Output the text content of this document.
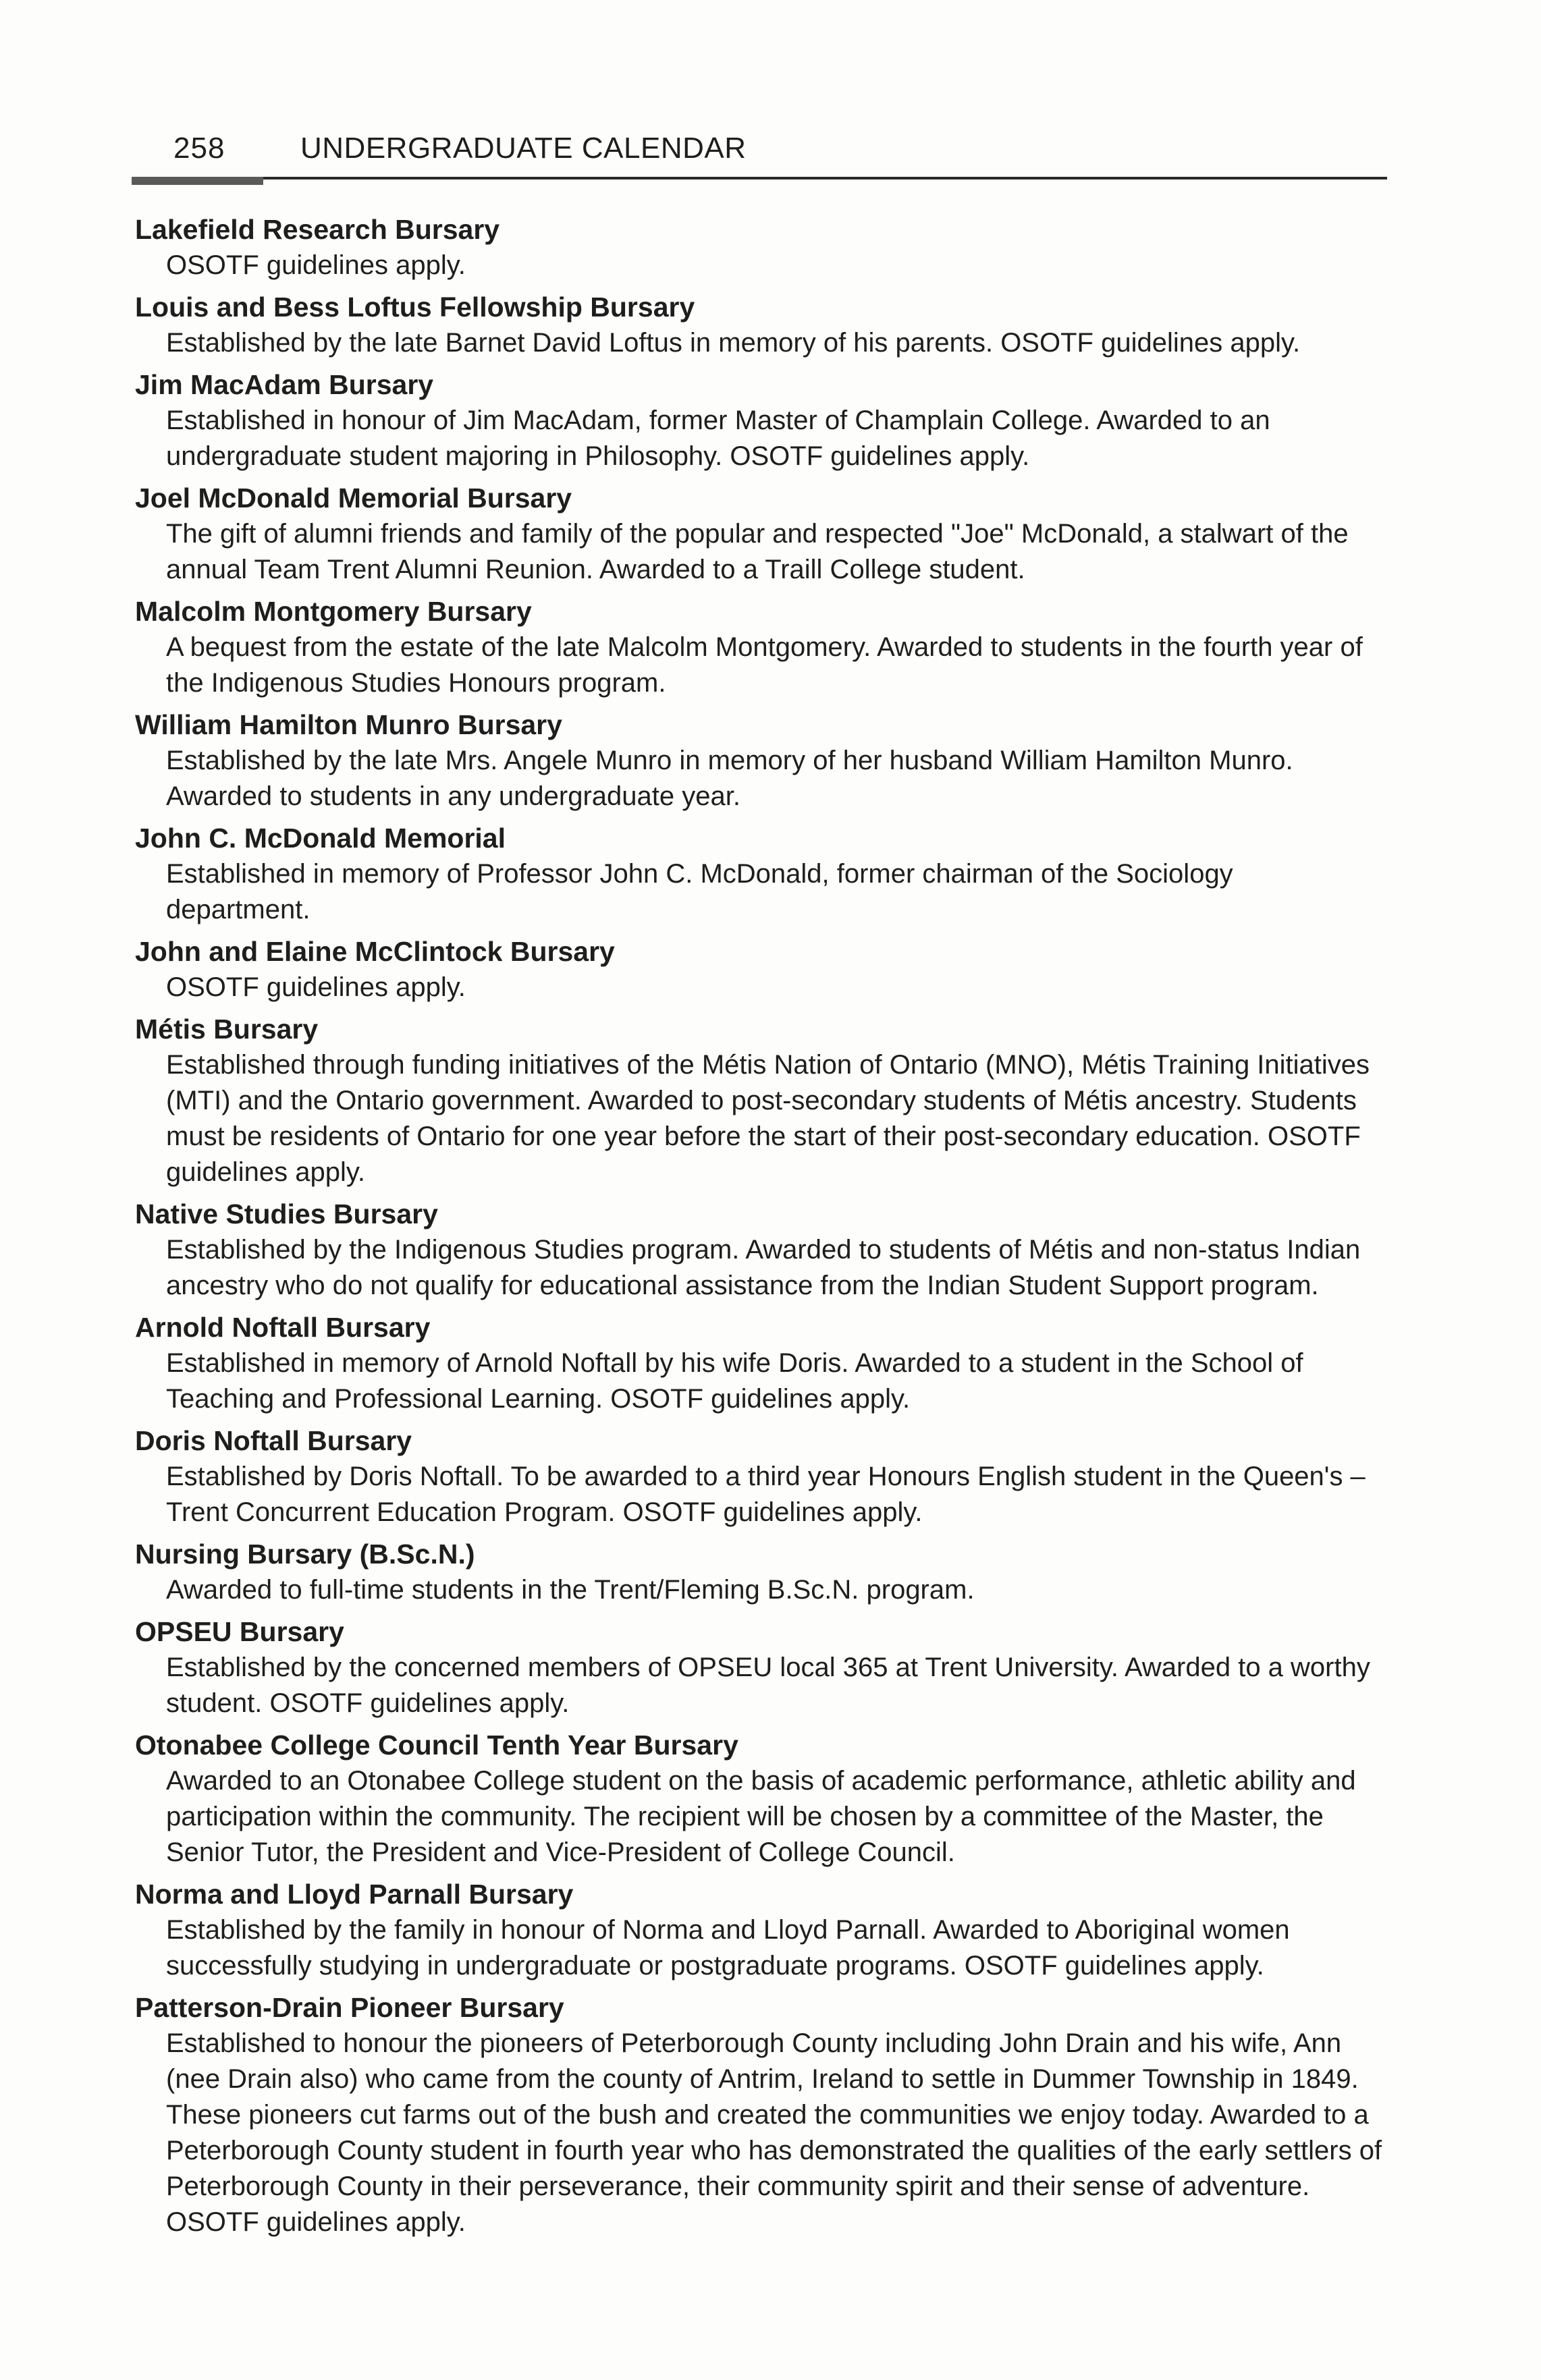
258	UNDERGRADUATE CALENDAR
Lakefield Research Bursary
OSOTF guidelines apply.
Louis and Bess Loftus Fellowship Bursary
Established by the late Barnet David Loftus in memory of his parents. OSOTF guidelines apply.
Jim MacAdam Bursary
Established in honour of Jim MacAdam, former Master of Champlain College. Awarded to an undergraduate student majoring in Philosophy. OSOTF guidelines apply.
Joel McDonald Memorial Bursary
The gift of alumni friends and family of the popular and respected "Joe" McDonald, a stalwart of the annual Team Trent Alumni Reunion. Awarded to a Traill College student.
Malcolm Montgomery Bursary
A bequest from the estate of the late Malcolm Montgomery. Awarded to students in the fourth year of the Indigenous Studies Honours program.
William Hamilton Munro Bursary
Established by the late Mrs. Angele Munro in memory of her husband William Hamilton Munro. Awarded to students in any undergraduate year.
John C. McDonald Memorial
Established in memory of Professor John C. McDonald, former chairman of the Sociology department.
John and Elaine McClintock Bursary
OSOTF guidelines apply.
Métis Bursary
Established through funding initiatives of the Métis Nation of Ontario (MNO), Métis Training Initiatives (MTI) and the Ontario government. Awarded to post-secondary students of Métis ancestry. Students must be residents of Ontario for one year before the start of their post-secondary education. OSOTF guidelines apply.
Native Studies Bursary
Established by the Indigenous Studies program. Awarded to students of Métis and non-status Indian ancestry who do not qualify for educational assistance from the Indian Student Support program.
Arnold Noftall Bursary
Established in memory of Arnold Noftall by his wife Doris. Awarded to a student in the School of Teaching and Professional Learning. OSOTF guidelines apply.
Doris Noftall Bursary
Established by Doris Noftall. To be awarded to a third year Honours English student in the Queen's – Trent Concurrent Education Program. OSOTF guidelines apply.
Nursing Bursary (B.Sc.N.)
Awarded to full-time students in the Trent/Fleming B.Sc.N. program.
OPSEU Bursary
Established by the concerned members of OPSEU local 365 at Trent University. Awarded to a worthy student. OSOTF guidelines apply.
Otonabee College Council Tenth Year Bursary
Awarded to an Otonabee College student on the basis of academic performance, athletic ability and participation within the community. The recipient will be chosen by a committee of the Master, the Senior Tutor, the President and Vice-President of College Council.
Norma and Lloyd Parnall Bursary
Established by the family in honour of Norma and Lloyd Parnall. Awarded to Aboriginal women successfully studying in undergraduate or postgraduate programs. OSOTF guidelines apply.
Patterson-Drain Pioneer Bursary
Established to honour the pioneers of Peterborough County including John Drain and his wife, Ann (nee Drain also) who came from the county of Antrim, Ireland to settle in Dummer Township in 1849. These pioneers cut farms out of the bush and created the communities we enjoy today. Awarded to a Peterborough County student in fourth year who has demonstrated the qualities of the early settlers of Peterborough County in their perseverance, their community spirit and their sense of adventure. OSOTF guidelines apply.
